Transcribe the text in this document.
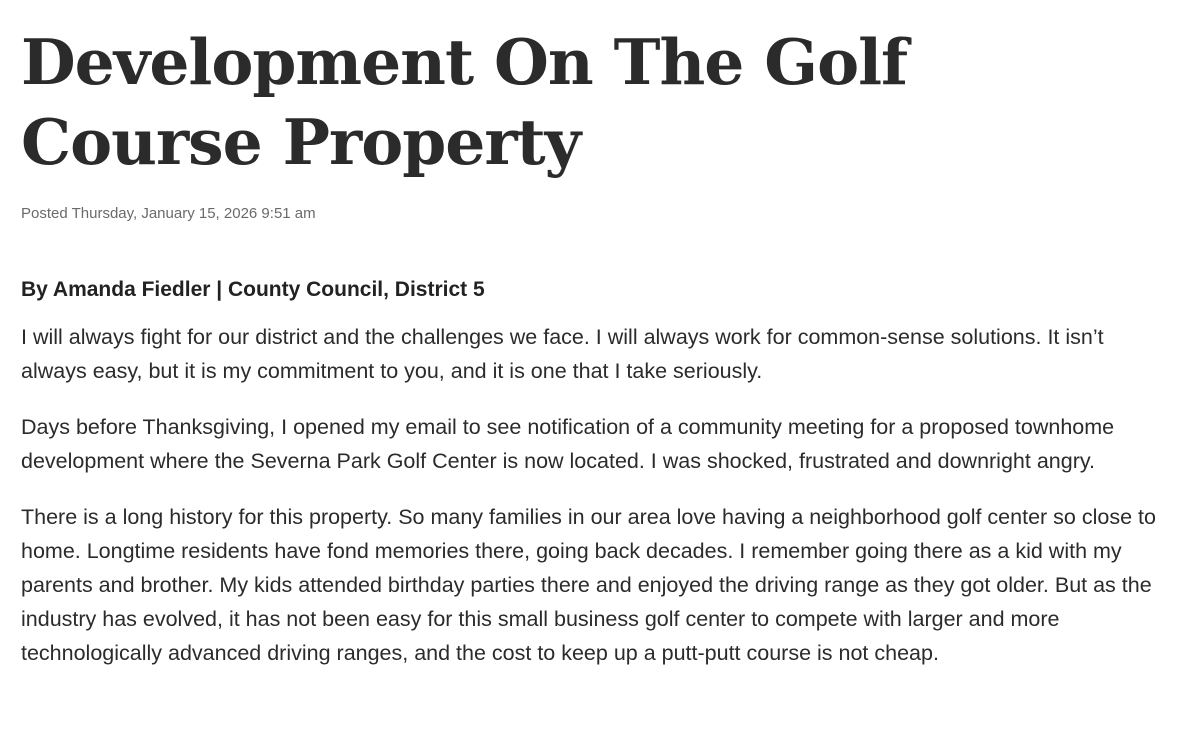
Development On The Golf Course Property
Posted Thursday, January 15, 2026 9:51 am
By Amanda Fiedler | County Council, District 5

I will always fight for our district and the challenges we face. I will always work for common-sense solutions. It isn’t always easy, but it is my commitment to you, and it is one that I take seriously.

Days before Thanksgiving, I opened my email to see notification of a community meeting for a proposed townhome development where the Severna Park Golf Center is now located. I was shocked, frustrated and downright angry.

There is a long history for this property. So many families in our area love having a neighborhood golf center so close to home. Longtime residents have fond memories there, going back decades. I remember going there as a kid with my parents and brother. My kids attended birthday parties there and enjoyed the driving range as they got older. But as the industry has evolved, it has not been easy for this small business golf center to compete with larger and more technologically advanced driving ranges, and the cost to keep up a putt-putt course is not cheap.
